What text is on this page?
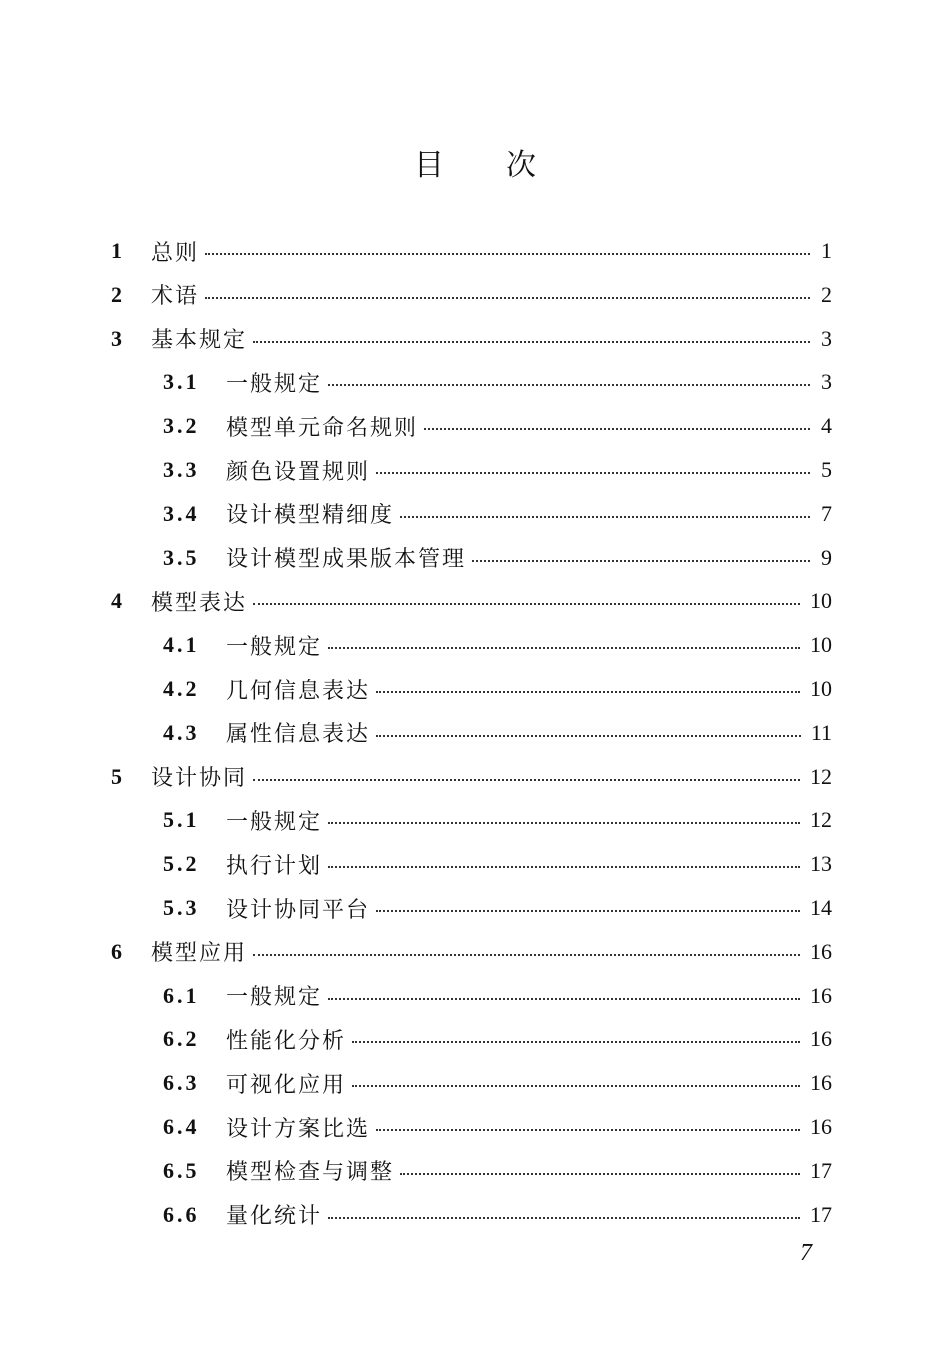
目 次
1 总则	1
2 术语	2
3 基本规定	3
3.1 一般规定	3
3.2 模型单元命名规则	4
3.3 颜色设置规则	5
3.4 设计模型精细度	7
3.5 设计模型成果版本管理	9
4 模型表达	10
4.1 一般规定	10
4.2 几何信息表达	10
4.3 属性信息表达	11
5 设计协同	12
5.1 一般规定	12
5.2 执行计划	13
5.3 设计协同平台	14
6 模型应用	16
6.1 一般规定	16
6.2 性能化分析	16
6.3 可视化应用	16
6.4 设计方案比选	16
6.5 模型检查与调整	17
6.6 量化统计	17
7
